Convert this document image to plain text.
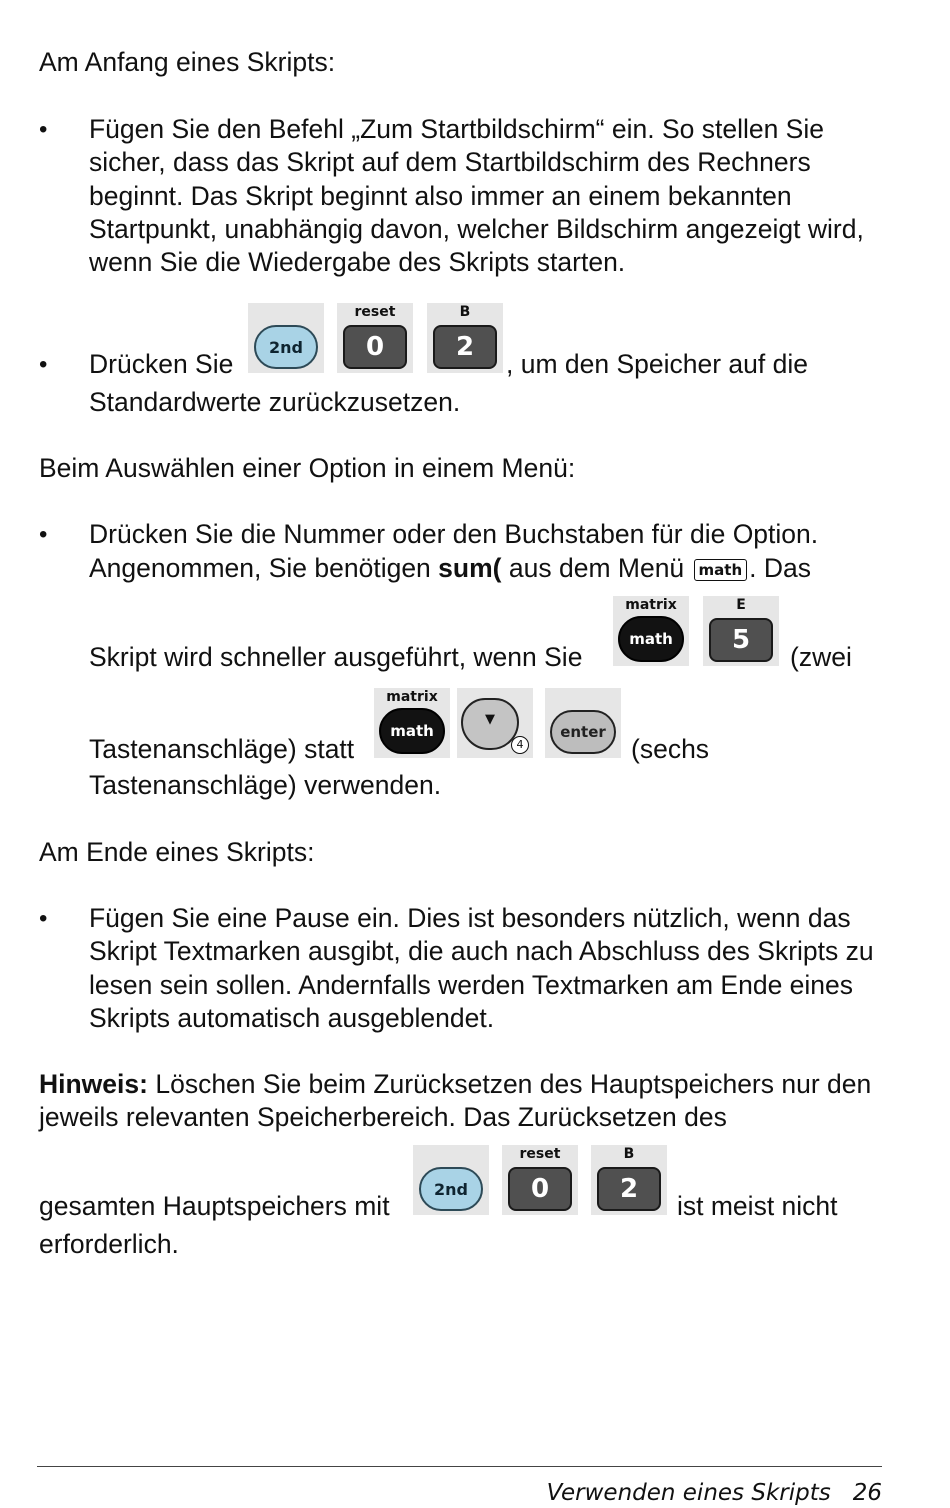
Am Anfang eines Skripts:

• Fügen Sie den Befehl „Zum Startbildschirm“ ein. So stellen Sie sicher, dass das Skript auf dem Startbildschirm des Rechners beginnt. Das Skript beginnt also immer an einem bekannten Startpunkt, unabhängig davon, welcher Bildschirm angezeigt wird, wenn Sie die Wiedergabe des Skripts starten.

• Drücken Sie
2nd
reset
0
B
2
, um den Speicher auf die
Standardwerte zurückzusetzen.

Beim Auswählen einer Option in einem Menü:

• Drücken Sie die Nummer oder den Buchstaben für die Option.
Angenommen, Sie benötigen sum( aus dem Menü math . Das
Skript wird schneller ausgeführt, wenn Sie
matrix
math
E
5
(zwei
Tastenanschläge) statt
matrix
math
▼
4
enter
(sechs
Tastenanschläge) verwenden.

Am Ende eines Skripts:

• Fügen Sie eine Pause ein. Dies ist besonders nützlich, wenn das Skript Textmarken ausgibt, die auch nach Abschluss des Skripts zu lesen sein sollen. Andernfalls werden Textmarken am Ende eines Skripts automatisch ausgeblendet.

Hinweis: Löschen Sie beim Zurücksetzen des Hauptspeichers nur den jeweils relevanten Speicherbereich. Das Zurücksetzen des

gesamten Hauptspeichers mit
2nd
reset
0
B
2
ist meist nicht
erforderlich.
Verwenden eines Skripts 26
